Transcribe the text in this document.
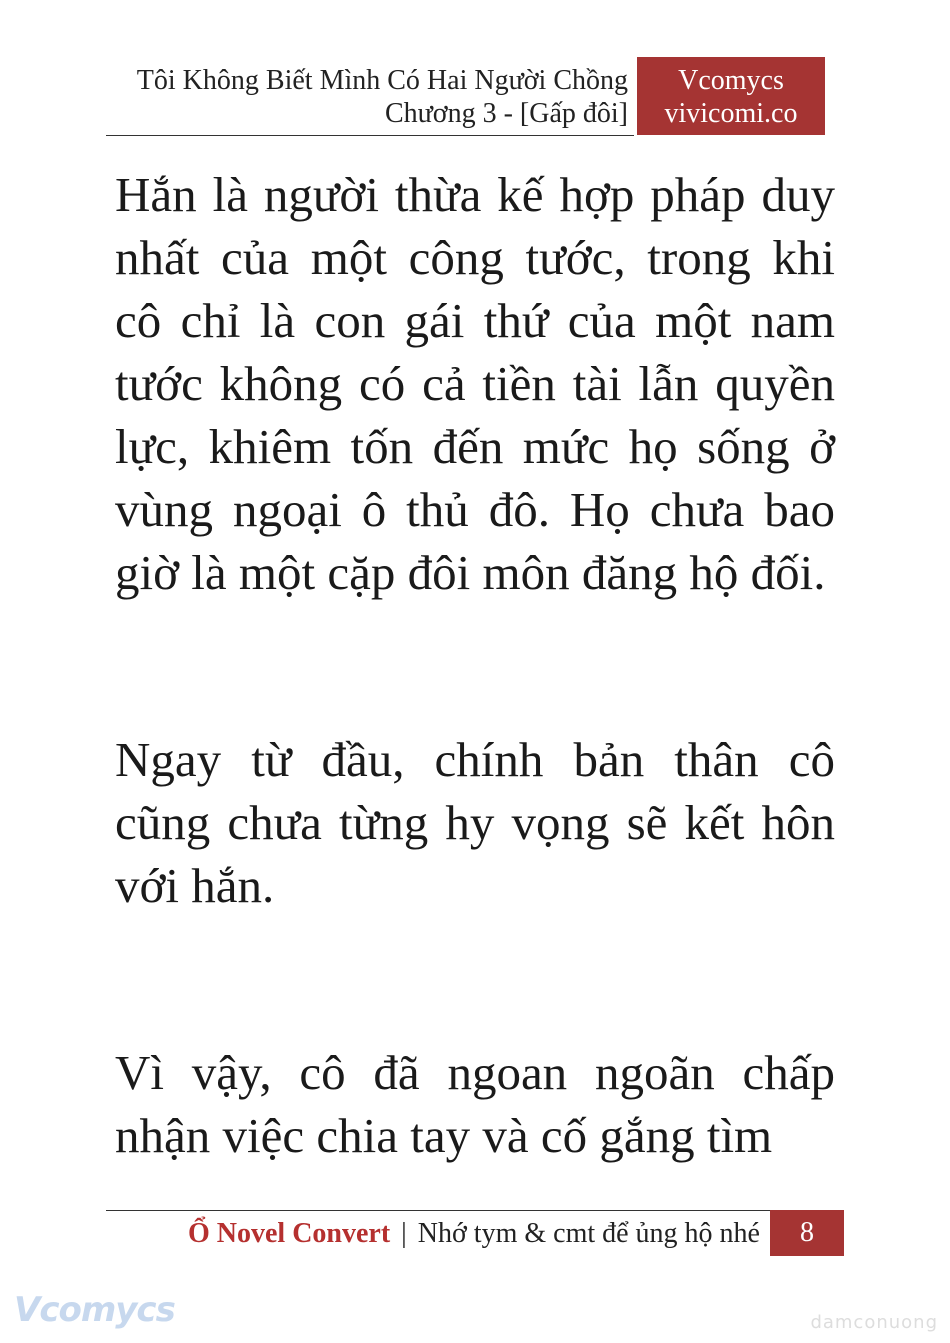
Tôi Không Biết Mình Có Hai Người Chồng
Chương 3 - [Gấp đôi]
Vcomycs
vivicomi.co

Hắn là người thừa kế hợp pháp duy nhất của một công tước, trong khi cô chỉ là con gái thứ của một nam tước không có cả tiền tài lẫn quyền lực, khiêm tốn đến mức họ sống ở vùng ngoại ô thủ đô. Họ chưa bao giờ là một cặp đôi môn đăng hộ đối.

Ngay từ đầu, chính bản thân cô cũng chưa từng hy vọng sẽ kết hôn với hắn.

Vì vậy, cô đã ngoan ngoãn chấp nhận việc chia tay và cố gắng tìm

Ổ Novel Convert | Nhớ tym & cmt để ủng hộ nhé	8
Vcomycs	damconuong
